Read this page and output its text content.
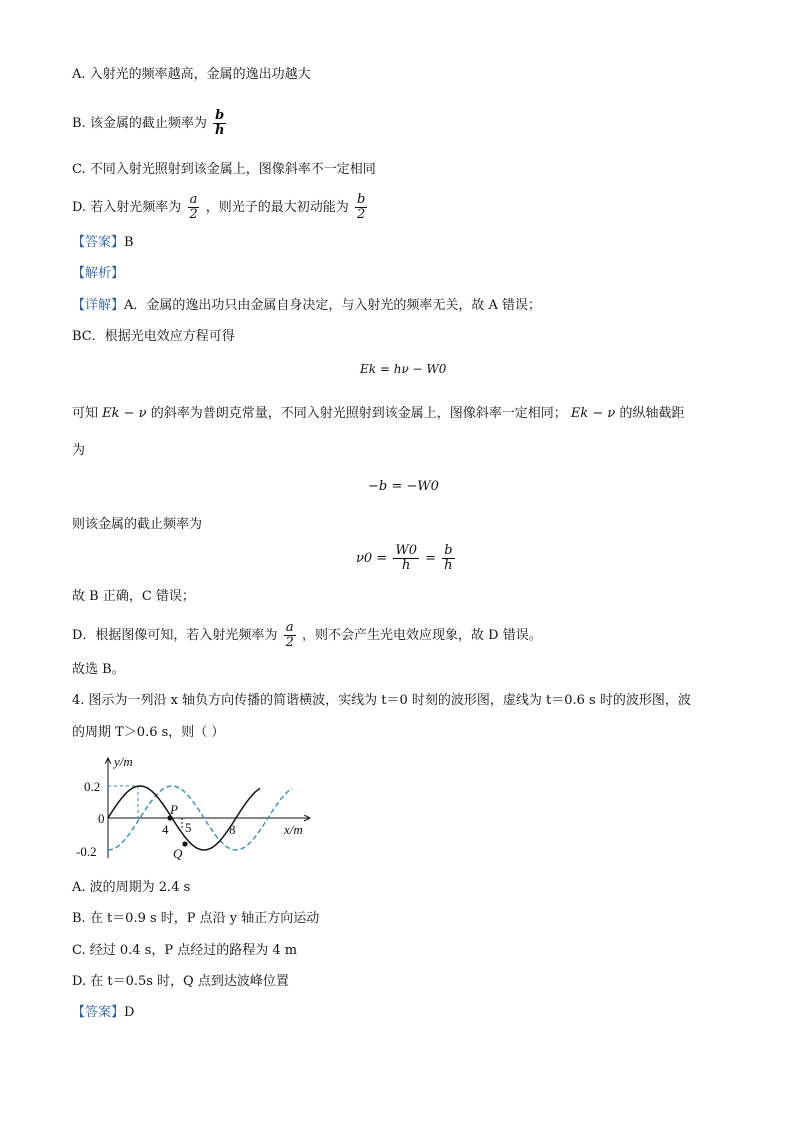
A. 入射光的频率越高，金属的逸出功越大
B. 该金属的截止频率为 $\frac{b}{h}$
C. 不同入射光照射到该金属上，图像斜率不一定相同
D. 若入射光频率为 $\frac{a}{2}$ ，则光子的最大初动能为 $\frac{b}{2}$
【答案】B
【解析】
【详解】A．金属的逸出功只由金属自身决定，与入射光的频率无关，故 A 错误；
BC．根据光电效应方程可得
Ek = hν − W0
可知 Ek − ν 的斜率为普朗克常量，不同入射光照射到该金属上，图像斜率一定相同； Ek − ν 的纵轴截距
为
−b = −W0
则该金属的截止频率为
$\nu 0 = \frac{W0}{h} = \frac{b}{h}$
故 B 正确，C 错误；
D．根据图像可知，若入射光频率为 $\frac{a}{2}$ ，则不会产生光电效应现象，故 D 错误。
故选 B。
4. 图示为一列沿 x 轴负方向传播的简谐横波，实线为 t＝0 时刻的波形图，虚线为 t＝0.6 s 时的波形图，波
的周期 T＞0.6 s，则（ ）
y/m
x/m
0.2
0
-0.2
4 5	8
P
Q
A. 波的周期为 2.4 s
B. 在 t＝0.9 s 时，P 点沿 y 轴正方向运动
C. 经过 0.4 s，P 点经过的路程为 4 m
D. 在 t＝0.5s 时，Q 点到达波峰位置
【答案】D
